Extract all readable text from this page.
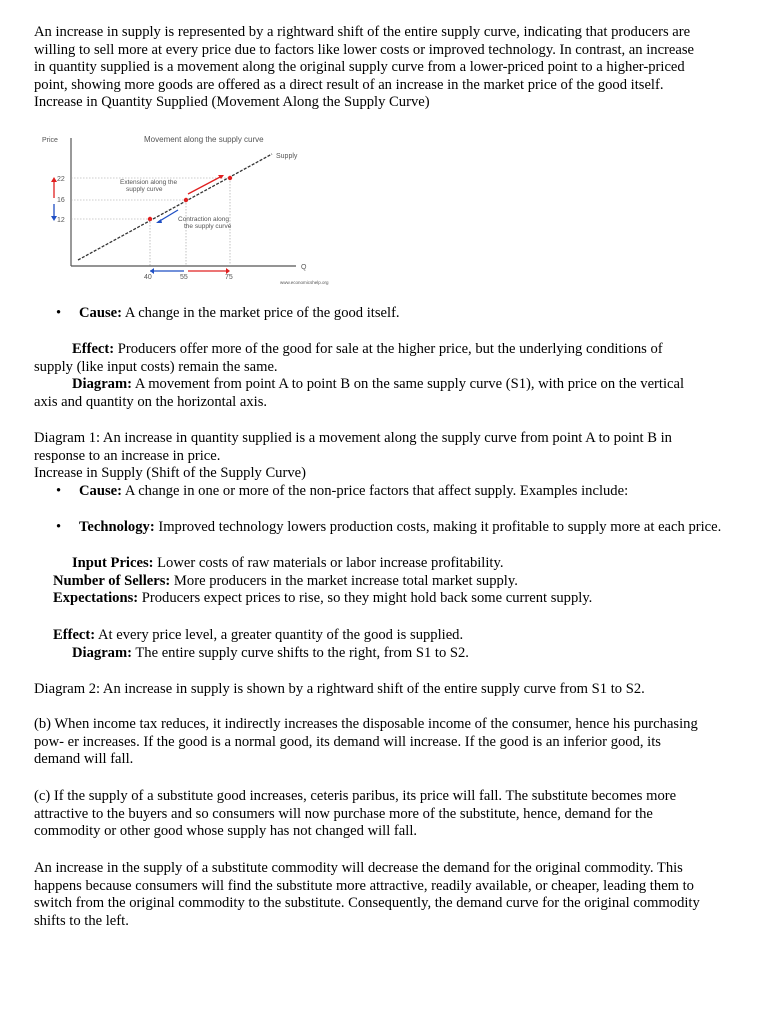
An increase in supply is represented by a rightward shift of the entire supply curve, indicating that producers are
willing to sell more at every price due to factors like lower costs or improved technology. In contrast, an increase
in quantity supplied is a movement along the original supply curve from a lower-priced point to a higher-priced
point, showing more goods are offered as a direct result of an increase in the market price of the good itself.
Increase in Quantity Supplied (Movement Along the Supply Curve)
Price	Movement along the supply curve
Supply
Q
Extension along the
supply curve
Contraction along
the supply curve
22
16
12
40	55	75
www.economicshelp.org
• Cause: A change in the market price of the good itself.
Effect: Producers offer more of the good for sale at the higher price, but the underlying conditions of
supply (like input costs) remain the same.
Diagram: A movement from point A to point B on the same supply curve (S1), with price on the vertical
axis and quantity on the horizontal axis.
Diagram 1: An increase in quantity supplied is a movement along the supply curve from point A to point B in
response to an increase in price.
Increase in Supply (Shift of the Supply Curve)
• Cause: A change in one or more of the non-price factors that affect supply. Examples include:
• Technology: Improved technology lowers production costs, making it profitable to supply more at each price.
Input Prices: Lower costs of raw materials or labor increase profitability.
Number of Sellers: More producers in the market increase total market supply.
Expectations: Producers expect prices to rise, so they might hold back some current supply.
Effect: At every price level, a greater quantity of the good is supplied.
Diagram: The entire supply curve shifts to the right, from S1 to S2.
Diagram 2: An increase in supply is shown by a rightward shift of the entire supply curve from S1 to S2.
(b) When income tax reduces, it indirectly increases the disposable income of the consumer, hence his purchasing
pow- er increases. If the good is a normal good, its demand will increase. If the good is an inferior good, its
demand will fall.
(c) If the supply of a substitute good increases, ceteris paribus, its price will fall. The substitute becomes more
attractive to the buyers and so consumers will now purchase more of the substitute, hence, demand for the
commodity or other good whose supply has not changed will fall.
An increase in the supply of a substitute commodity will decrease the demand for the original commodity. This
happens because consumers will find the substitute more attractive, readily available, or cheaper, leading them to
switch from the original commodity to the substitute. Consequently, the demand curve for the original commodity
shifts to the left.
